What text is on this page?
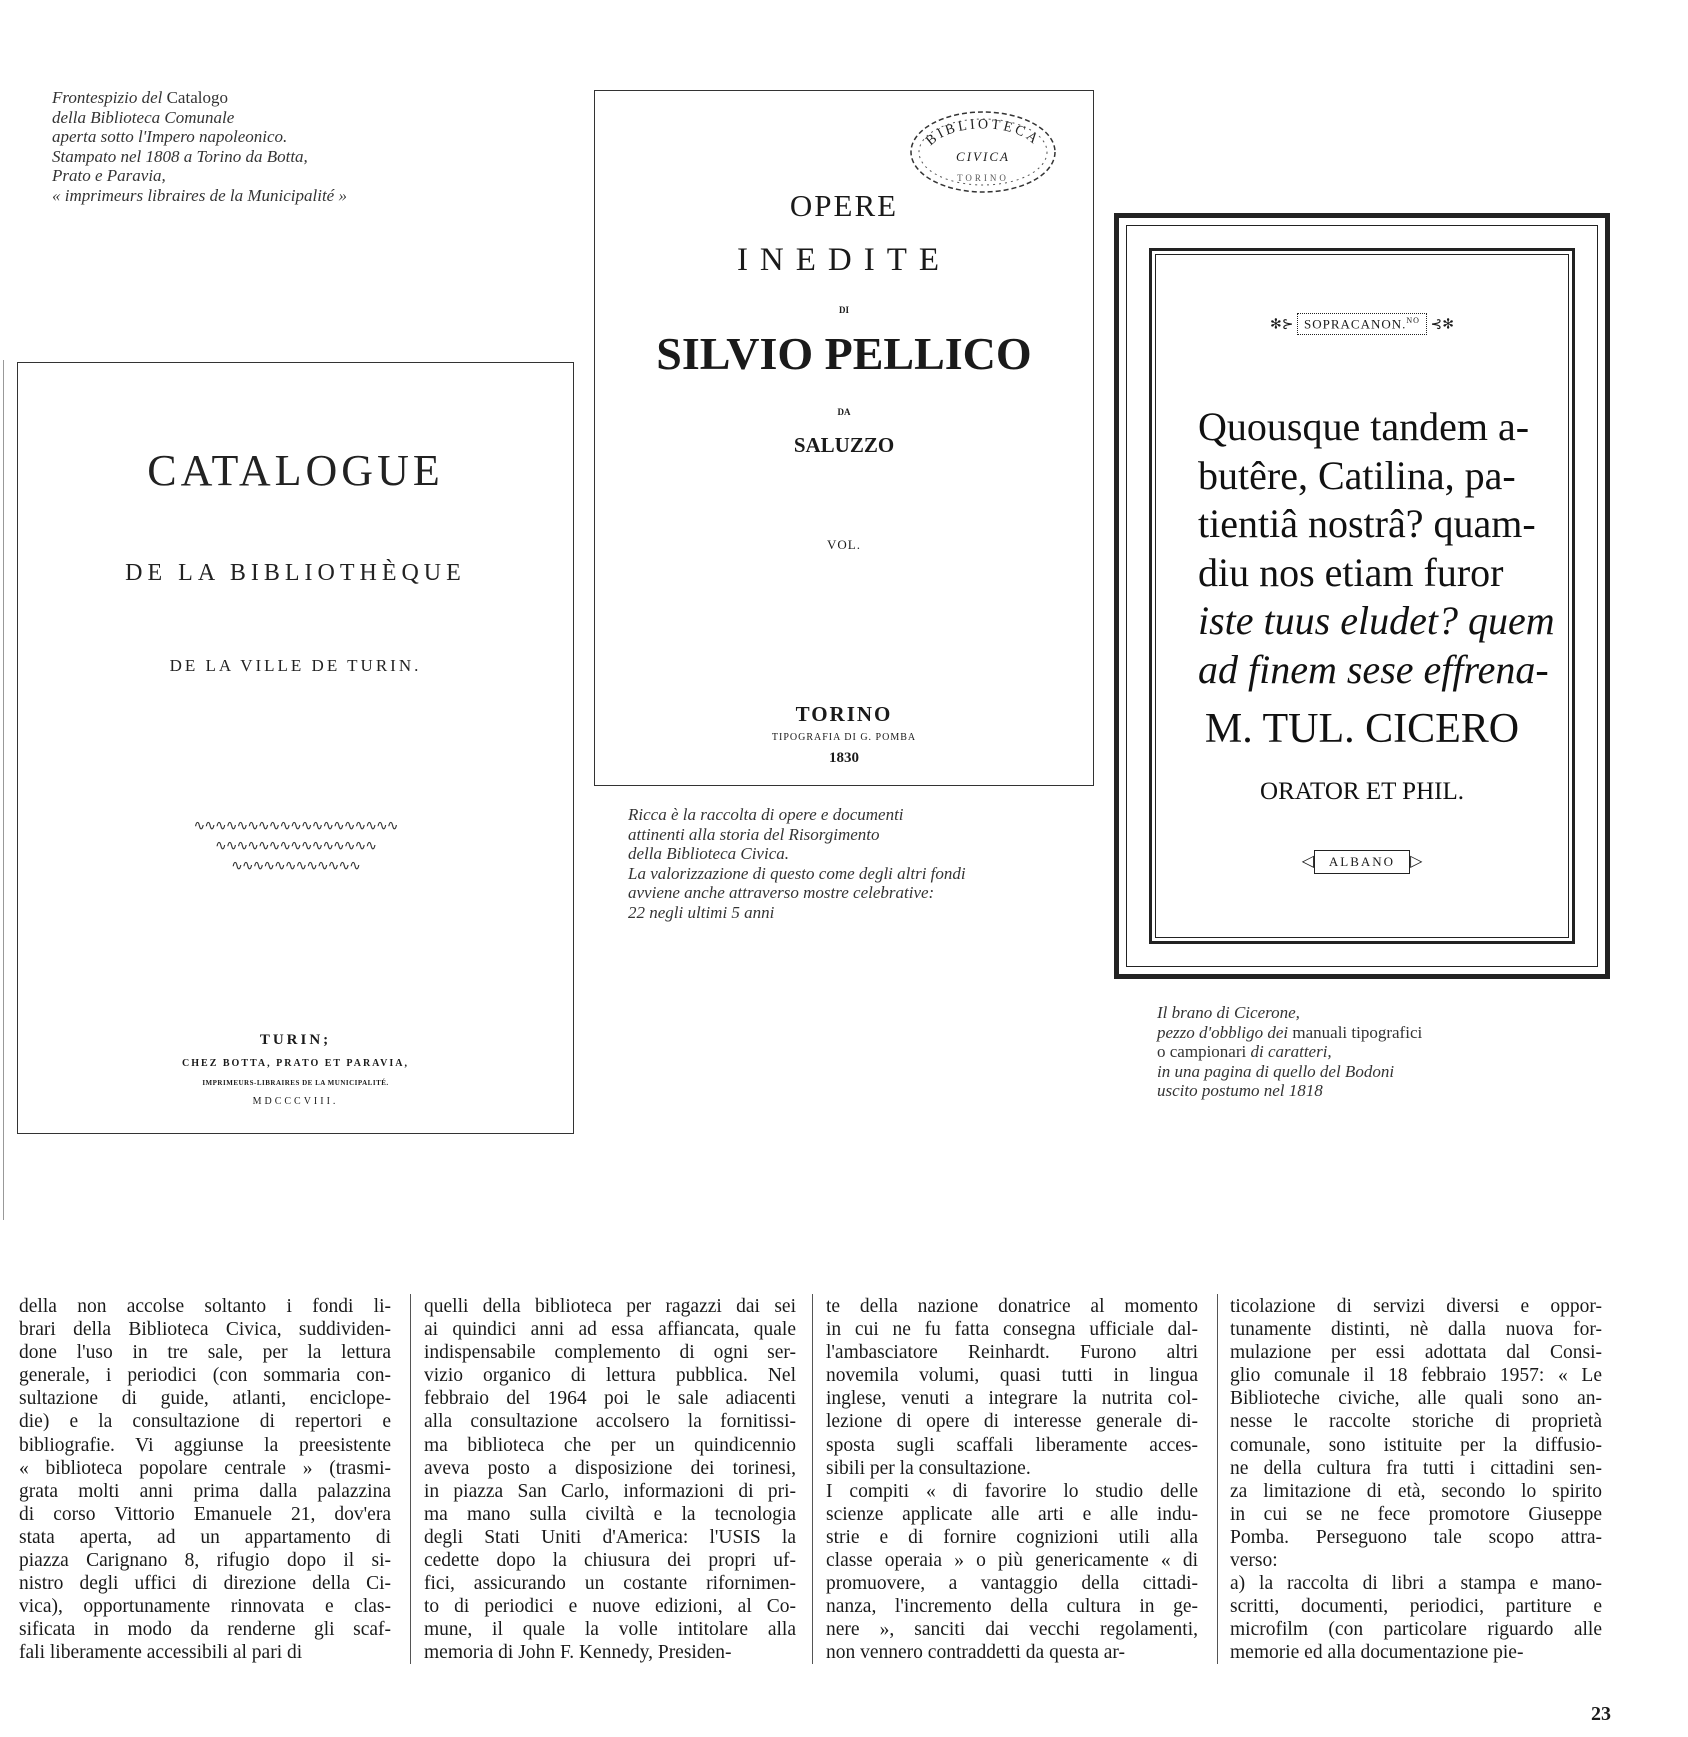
Frontespizio del Catalogo
della Biblioteca Comunale
aperta sotto l'Impero napoleonico.
Stampato nel 1808 a Torino da Botta,
Prato e Paravia,
« imprimeurs libraires de la Municipalité »
CATALOGUE
DE LA BIBLIOTHÈQUE
DE LA VILLE DE TURIN.
∿∿∿∿∿∿∿∿∿∿∿∿∿∿∿∿∿∿∿
∿∿∿∿∿∿∿∿∿∿∿∿∿∿∿
∿∿∿∿∿∿∿∿∿∿∿∿
TURIN;
CHEZ BOTTA, PRATO ET PARAVIA,
IMPRIMEURS-LIBRAIRES DE LA MUNICIPALITÉ.
MDCCCVIII.
BIBLIOTECA
CIVICA
TORINO
OPERE
INEDITE
DI
SILVIO PELLICO
DA
SALUZZO
VOL.
TORINO
TIPOGRAFIA DI G. POMBA
1830
Ricca è la raccolta di opere e documenti
attinenti alla storia del Risorgimento
della Biblioteca Civica.
La valorizzazione di questo come degli altri fondi
avviene anche attraverso mostre celebrative:
22 negli ultimi 5 anni
✻⊱ SOPRACANON.$^{NO}$ ⊰✻
Quousque tandem a-
butêre, Catilina, pa-
tientiâ nostrâ? quam-
diu nos etiam furor
iste tuus eludet? quem
ad finem sese effrena-
M. TUL. CICERO
ORATOR ET PHIL.
◁ ALBANO ▷
Il brano di Cicerone,
pezzo d'obbligo dei manuali tipografici
o campionari di caratteri,
in una pagina di quello del Bodoni
uscito postumo nel 1818
della non accolse soltanto i fondi li-
brari della Biblioteca Civica, suddividen-
done l'uso in tre sale, per la lettura
generale, i periodici (con sommaria con-
sultazione di guide, atlanti, enciclope-
die) e la consultazione di repertori e
bibliografie. Vi aggiunse la preesistente
« biblioteca popolare centrale » (trasmi-
grata molti anni prima dalla palazzina
di corso Vittorio Emanuele 21, dov'era
stata aperta, ad un appartamento di
piazza Carignano 8, rifugio dopo il si-
nistro degli uffici di direzione della Ci-
vica), opportunamente rinnovata e clas-
sificata in modo da renderne gli scaf-
fali liberamente accessibili al pari di
quelli della biblioteca per ragazzi dai sei
ai quindici anni ad essa affiancata, quale
indispensabile complemento di ogni ser-
vizio organico di lettura pubblica. Nel
febbraio del 1964 poi le sale adiacenti
alla consultazione accolsero la fornitissi-
ma biblioteca che per un quindicennio
aveva posto a disposizione dei torinesi,
in piazza San Carlo, informazioni di pri-
ma mano sulla civiltà e la tecnologia
degli Stati Uniti d'America: l'USIS la
cedette dopo la chiusura dei propri uf-
fici, assicurando un costante rifornimen-
to di periodici e nuove edizioni, al Co-
mune, il quale la volle intitolare alla
memoria di John F. Kennedy, Presiden-
te della nazione donatrice al momento
in cui ne fu fatta consegna ufficiale dal-
l'ambasciatore Reinhardt. Furono altri
novemila volumi, quasi tutti in lingua
inglese, venuti a integrare la nutrita col-
lezione di opere di interesse generale di-
sposta sugli scaffali liberamente acces-
sibili per la consultazione.
I compiti « di favorire lo studio delle
scienze applicate alle arti e alle indu-
strie e di fornire cognizioni utili alla
classe operaia » o più genericamente « di
promuovere, a vantaggio della cittadi-
nanza, l'incremento della cultura in ge-
nere », sanciti dai vecchi regolamenti,
non vennero contraddetti da questa ar-
ticolazione di servizi diversi e oppor-
tunamente distinti, nè dalla nuova for-
mulazione per essi adottata dal Consi-
glio comunale il 18 febbraio 1957: « Le
Biblioteche civiche, alle quali sono an-
nesse le raccolte storiche di proprietà
comunale, sono istituite per la diffusio-
ne della cultura fra tutti i cittadini sen-
za limitazione di età, secondo lo spirito
in cui se ne fece promotore Giuseppe
Pomba. Perseguono tale scopo attra-
verso:
a) la raccolta di libri a stampa e mano-
scritti, documenti, periodici, partiture e
microfilm (con particolare riguardo alle
memorie ed alla documentazione pie-
23
